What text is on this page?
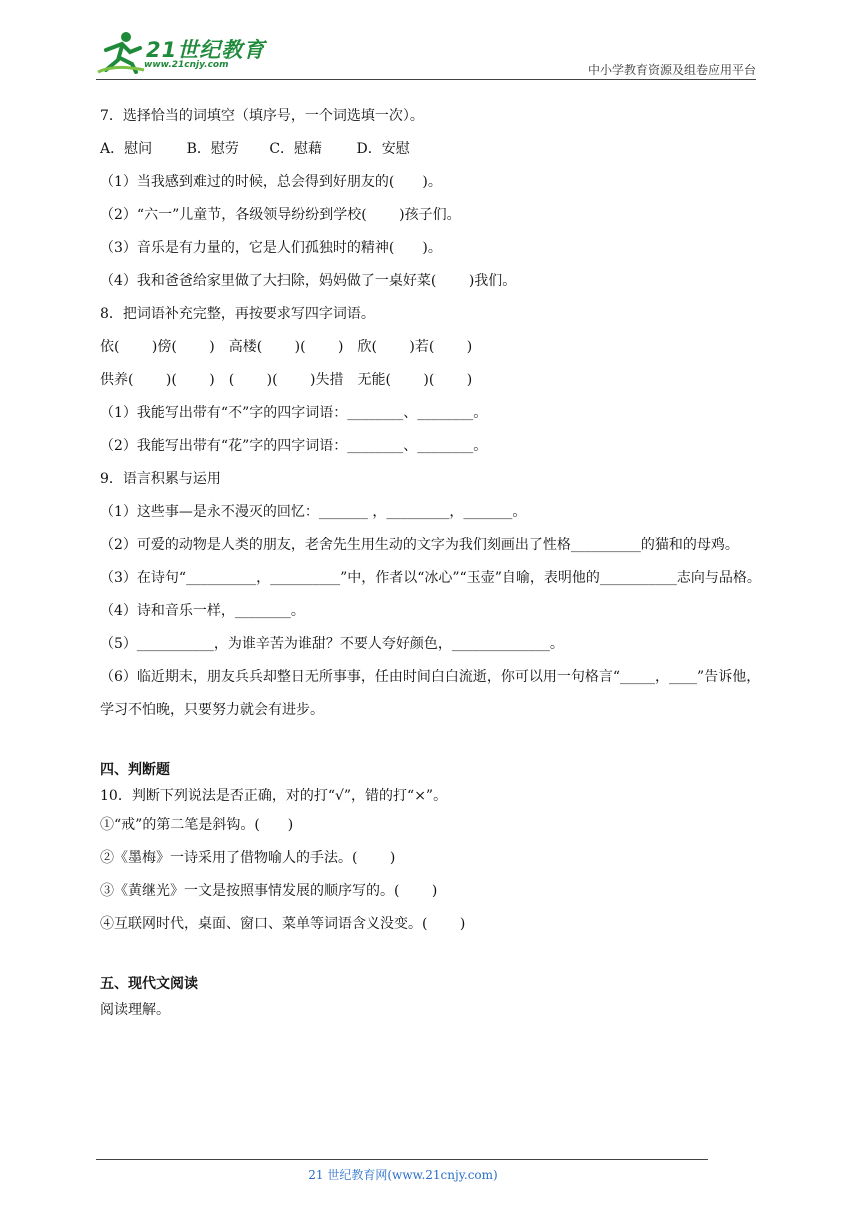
21世纪教育
www.21cnjy.com	中小学教育资源及组卷应用平台
7．选择恰当的词填空（填序号，一个词选填一次）。
A．慰问 B．慰劳 C．慰藉 D．安慰
（1）当我感到难过的时候，总会得到好朋友的(　　)。
（2）“六一”儿童节，各级领导纷纷到学校(　　 )孩子们。
（3）音乐是有力量的，它是人们孤独时的精神(　　)。
（4）我和爸爸给家里做了大扫除，妈妈做了一桌好菜(　　 )我们。
8．把词语补充完整，再按要求写四字词语。
依(　　 )傍(　　 )　高楼(　　 )(　　 )　欣(　　 )若(　　 )
供养(　　 )(　　 )　(　　 )(　　 )失措　无能(　　 )(　　 )
（1）我能写出带有“不”字的四字词语：________、________。
（2）我能写出带有“花”字的四字词语：________、________。
9．语言积累与运用
（1）这些事—是永不漫灭的回忆：_______ ，_________，_______。
（2）可爱的动物是人类的朋友，老舍先生用生动的文字为我们刻画出了性格__________的猫和的母鸡。
（3）在诗句“__________，__________”中，作者以“冰心”“玉壶”自喻，表明他的___________志向与品格。
（4）诗和音乐一样，________。
（5）___________，为谁辛苦为谁甜？不要人夸好颜色，______________。
（6）临近期末，朋友兵兵却整日无所事事，任由时间白白流逝，你可以用一句格言“_____，____”告诉他，学习不怕晚，只要努力就会有进步。
四、判断题
10．判断下列说法是否正确，对的打“√”，错的打“×”。
①“戒”的第二笔是斜钩。(　　)
②《墨梅》一诗采用了借物喻人的手法。(　　 )
③《黄继光》一文是按照事情发展的顺序写的。(　　 )
④互联网时代，桌面、窗口、菜单等词语含义没变。(　　 )
五、现代文阅读
阅读理解。
21 世纪教育网(www.21cnjy.com)
